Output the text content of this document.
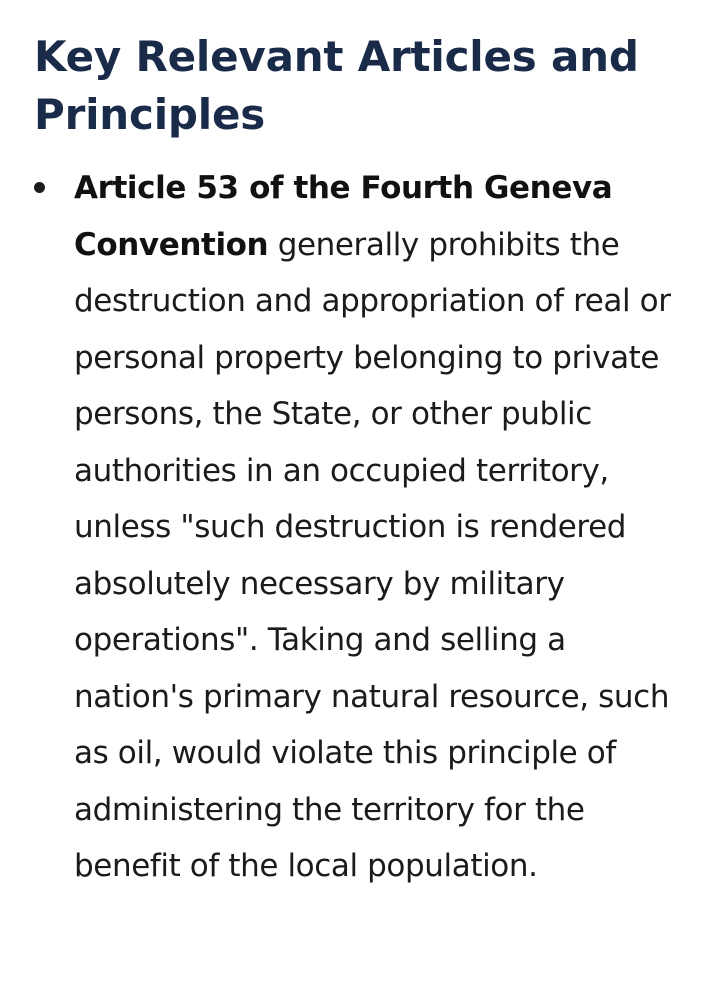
Key Relevant Articles and Principles
Article 53 of the Fourth Geneva Convention generally prohibits the destruction and appropriation of real or personal property belonging to private persons, the State, or other public authorities in an occupied territory, unless "such destruction is rendered absolutely necessary by military operations". Taking and selling a nation's primary natural resource, such as oil, would violate this principle of administering the territory for the benefit of the local population.
